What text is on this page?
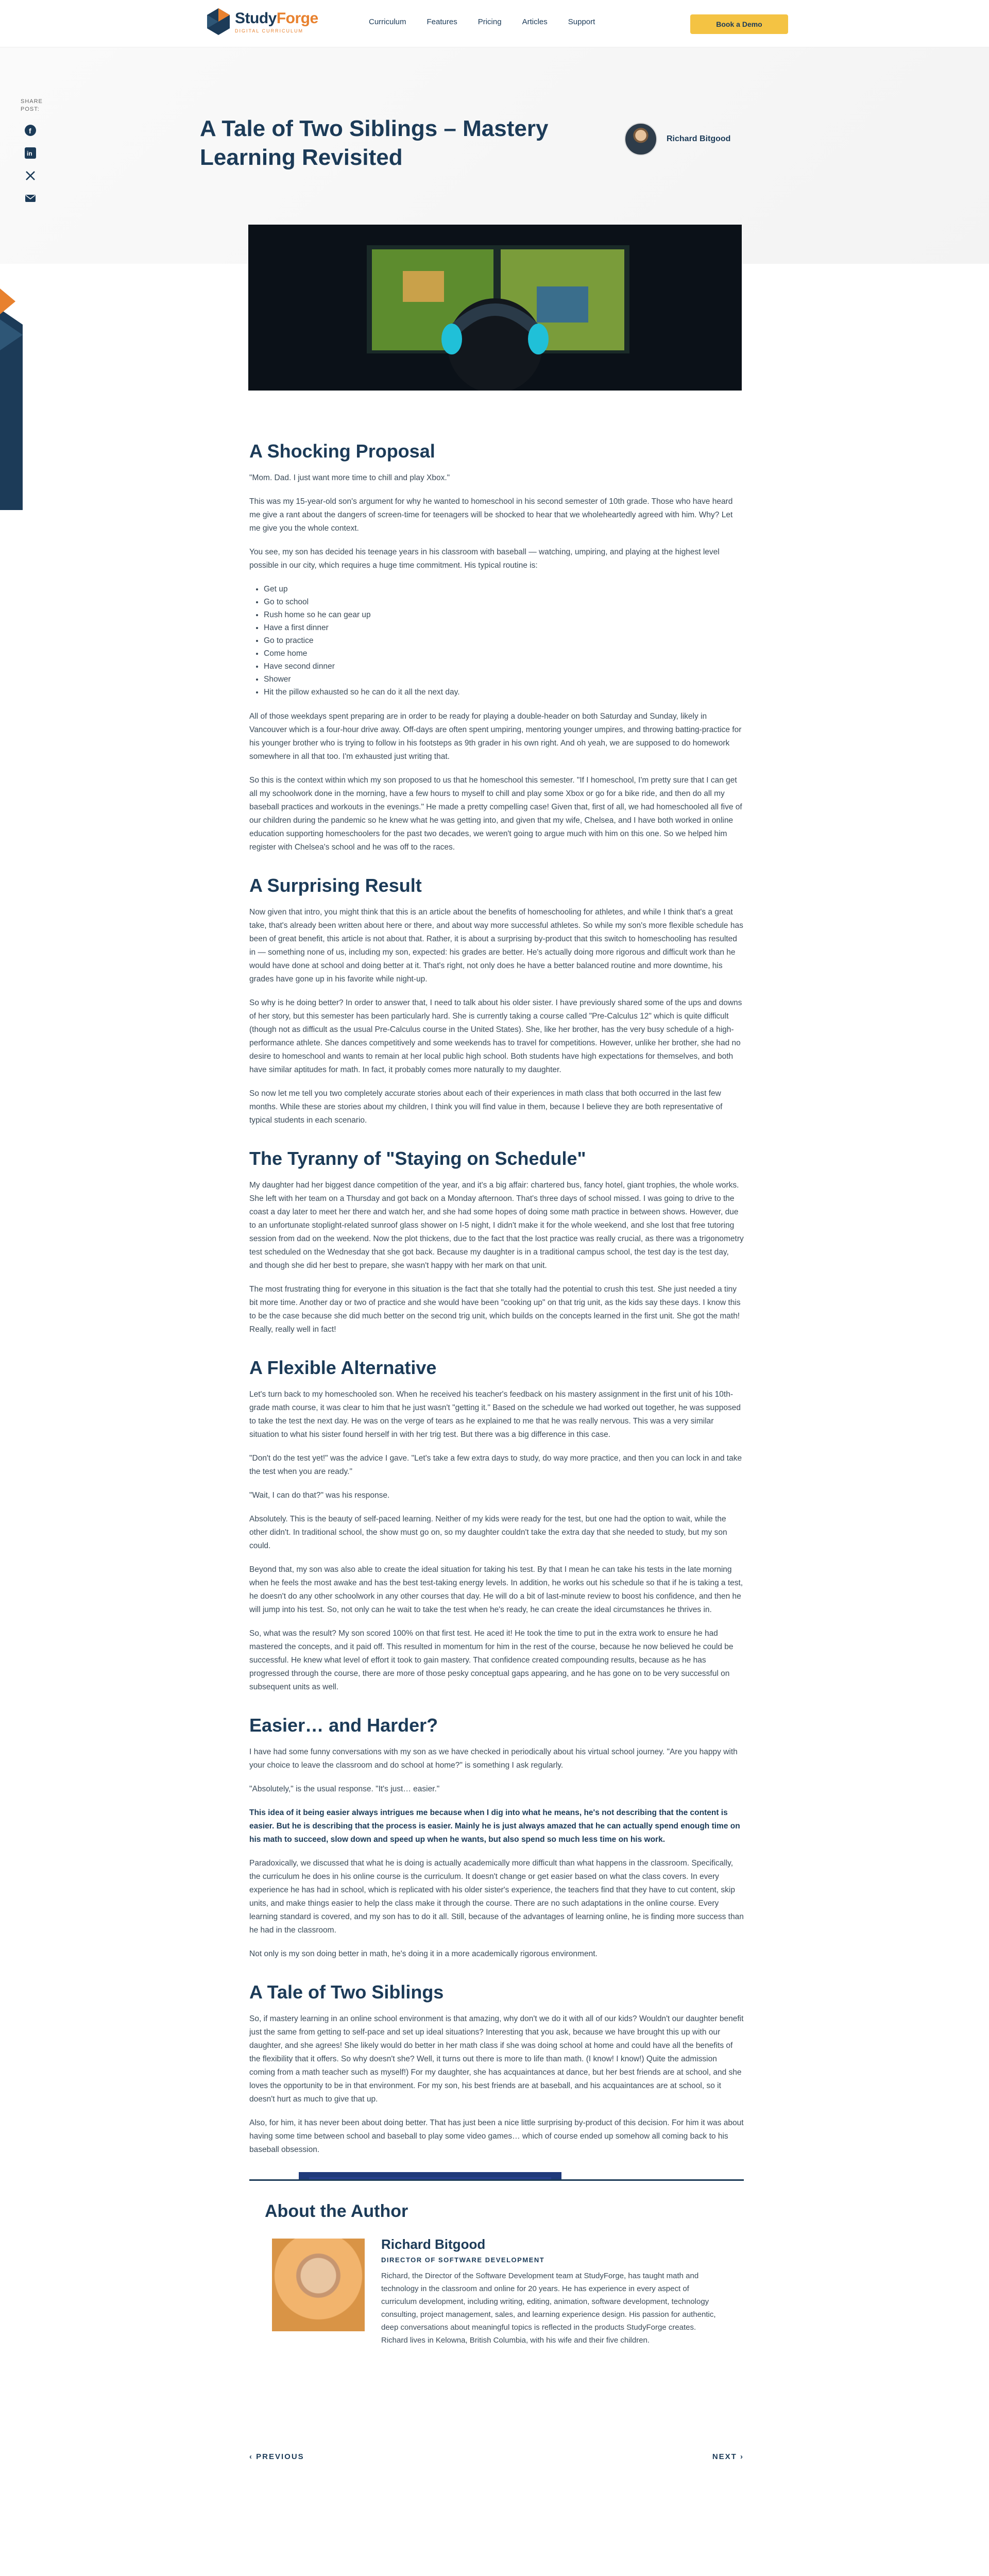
StudyForge
DIGITAL CURRICULUM
Curriculum	Features	Pricing	Articles	Support	Book a Demo
SHARE
POST:
f
in
A Tale of Two Siblings – Mastery Learning Revisited
Richard Bitgood
A Shocking Proposal

"Mom. Dad. I just want more time to chill and play Xbox."

This was my 15-year-old son's argument for why he wanted to homeschool in his second semester of 10th grade. Those who have heard me give a rant about the dangers of screen-time for teenagers will be shocked to hear that we wholeheartedly agreed with him. Why? Let me give you the whole context.

You see, my son has decided his teenage years in his classroom with baseball — watching, umpiring, and playing at the highest level possible in our city, which requires a huge time commitment. His typical routine is:

• Get up
• Go to school
• Rush home so he can gear up
• Have a first dinner
• Go to practice
• Come home
• Have second dinner
• Shower
• Hit the pillow exhausted so he can do it all the next day.

All of those weekdays spent preparing are in order to be ready for playing a double-header on both Saturday and Sunday, likely in Vancouver which is a four-hour drive away. Off-days are often spent umpiring, mentoring younger umpires, and throwing batting-practice for his younger brother who is trying to follow in his footsteps as 9th grader in his own right. And oh yeah, we are supposed to do homework somewhere in all that too. I'm exhausted just writing that.

So this is the context within which my son proposed to us that he homeschool this semester. "If I homeschool, I'm pretty sure that I can get all my schoolwork done in the morning, have a few hours to myself to chill and play some Xbox or go for a bike ride, and then do all my baseball practices and workouts in the evenings." He made a pretty compelling case! Given that, first of all, we had homeschooled all five of our children during the pandemic so he knew what he was getting into, and given that my wife, Chelsea, and I have both worked in online education supporting homeschoolers for the past two decades, we weren't going to argue much with him on this one. So we helped him register with Chelsea's school and he was off to the races.

A Surprising Result

Now given that intro, you might think that this is an article about the benefits of homeschooling for athletes, and while I think that's a great take, that's already been written about here or there, and about way more successful athletes. So while my son's more flexible schedule has been of great benefit, this article is not about that. Rather, it is about a surprising by-product that this switch to homeschooling has resulted in — something none of us, including my son, expected: his grades are better. He's actually doing more rigorous and difficult work than he would have done at school and doing better at it. That's right, not only does he have a better balanced routine and more downtime, his grades have gone up in his favorite while night-up.

So why is he doing better? In order to answer that, I need to talk about his older sister. I have previously shared some of the ups and downs of her story, but this semester has been particularly hard. She is currently taking a course called "Pre-Calculus 12" which is quite difficult (though not as difficult as the usual Pre-Calculus course in the United States). She, like her brother, has the very busy schedule of a high-performance athlete. She dances competitively and some weekends has to travel for competitions. However, unlike her brother, she had no desire to homeschool and wants to remain at her local public high school. Both students have high expectations for themselves, and both have similar aptitudes for math. In fact, it probably comes more naturally to my daughter.

So now let me tell you two completely accurate stories about each of their experiences in math class that both occurred in the last few months. While these are stories about my children, I think you will find value in them, because I believe they are both representative of typical students in each scenario.

The Tyranny of "Staying on Schedule"

My daughter had her biggest dance competition of the year, and it's a big affair: chartered bus, fancy hotel, giant trophies, the whole works. She left with her team on a Thursday and got back on a Monday afternoon. That's three days of school missed. I was going to drive to the coast a day later to meet her there and watch her, and she had some hopes of doing some math practice in between shows. However, due to an unfortunate stoplight-related sunroof glass shower on I-5 night, I didn't make it for the whole weekend, and she lost that free tutoring session from dad on the weekend. Now the plot thickens, due to the fact that the lost practice was really crucial, as there was a trigonometry test scheduled on the Wednesday that she got back. Because my daughter is in a traditional campus school, the test day is the test day, and though she did her best to prepare, she wasn't happy with her mark on that unit.

The most frustrating thing for everyone in this situation is the fact that she totally had the potential to crush this test. She just needed a tiny bit more time. Another day or two of practice and she would have been "cooking up" on that trig unit, as the kids say these days. I know this to be the case because she did much better on the second trig unit, which builds on the concepts learned in the first unit. She got the math! Really, really well in fact!

A Flexible Alternative

Let's turn back to my homeschooled son. When he received his teacher's feedback on his mastery assignment in the first unit of his 10th-grade math course, it was clear to him that he just wasn't "getting it." Based on the schedule we had worked out together, he was supposed to take the test the next day. He was on the verge of tears as he explained to me that he was really nervous. This was a very similar situation to what his sister found herself in with her trig test. But there was a big difference in this case.

"Don't do the test yet!" was the advice I gave. "Let's take a few extra days to study, do way more practice, and then you can lock in and take the test when you are ready."

"Wait, I can do that?" was his response.

Absolutely. This is the beauty of self-paced learning. Neither of my kids were ready for the test, but one had the option to wait, while the other didn't. In traditional school, the show must go on, so my daughter couldn't take the extra day that she needed to study, but my son could.

Beyond that, my son was also able to create the ideal situation for taking his test. By that I mean he can take his tests in the late morning when he feels the most awake and has the best test-taking energy levels. In addition, he works out his schedule so that if he is taking a test, he doesn't do any other schoolwork in any other courses that day. He will do a bit of last-minute review to boost his confidence, and then he will jump into his test. So, not only can he wait to take the test when he's ready, he can create the ideal circumstances he thrives in.

So, what was the result? My son scored 100% on that first test. He aced it! He took the time to put in the extra work to ensure he had mastered the concepts, and it paid off. This resulted in momentum for him in the rest of the course, because he now believed he could be successful. He knew what level of effort it took to gain mastery. That confidence created compounding results, because as he has progressed through the course, there are more of those pesky conceptual gaps appearing, and he has gone on to be very successful on subsequent units as well.

Easier… and Harder?

I have had some funny conversations with my son as we have checked in periodically about his virtual school journey. "Are you happy with your choice to leave the classroom and do school at home?" is something I ask regularly.

"Absolutely," is the usual response. "It's just… easier."

This idea of it being easier always intrigues me because when I dig into what he means, he's not describing that the content is easier. But he is describing that the process is easier. Mainly he is just always amazed that he can actually spend enough time on his math to succeed, slow down and speed up when he wants, but also spend so much less time on his work.

Paradoxically, we discussed that what he is doing is actually academically more difficult than what happens in the classroom. Specifically, the curriculum he does in his online course is the curriculum. It doesn't change or get easier based on what the class covers. In every experience he has had in school, which is replicated with his older sister's experience, the teachers find that they have to cut content, skip units, and make things easier to help the class make it through the course. There are no such adaptations in the online course. Every learning standard is covered, and my son has to do it all. Still, because of the advantages of learning online, he is finding more success than he had in the classroom.

Not only is my son doing better in math, he's doing it in a more academically rigorous environment.

A Tale of Two Siblings

So, if mastery learning in an online school environment is that amazing, why don't we do it with all of our kids? Wouldn't our daughter benefit just the same from getting to self-pace and set up ideal situations? Interesting that you ask, because we have brought this up with our daughter, and she agrees! She likely would do better in her math class if she was doing school at home and could have all the benefits of the flexibility that it offers. So why doesn't she? Well, it turns out there is more to life than math. (I know! I know!) Quite the admission coming from a math teacher such as myself!) For my daughter, she has acquaintances at dance, but her best friends are at school, and she loves the opportunity to be in that environment. For my son, his best friends are at baseball, and his acquaintances are at school, so it doesn't hurt as much to give that up.

Also, for him, it has never been about doing better. That has just been a nice little surprising by-product of this decision. For him it was about having some time between school and baseball to play some video games… which of course ended up somehow all coming back to his baseball obsession.

About the Author
Richard Bitgood
DIRECTOR OF SOFTWARE DEVELOPMENT
Richard, the Director of the Software Development team at StudyForge, has taught math and technology in the classroom and online for 20 years. He has experience in every aspect of curriculum development, including writing, editing, animation, software development, technology consulting, project management, sales, and learning experience design. His passion for authentic, deep conversations about meaningful topics is reflected in the products StudyForge creates. Richard lives in Kelowna, British Columbia, with his wife and their five children.
‹ PREVIOUS	NEXT ›
